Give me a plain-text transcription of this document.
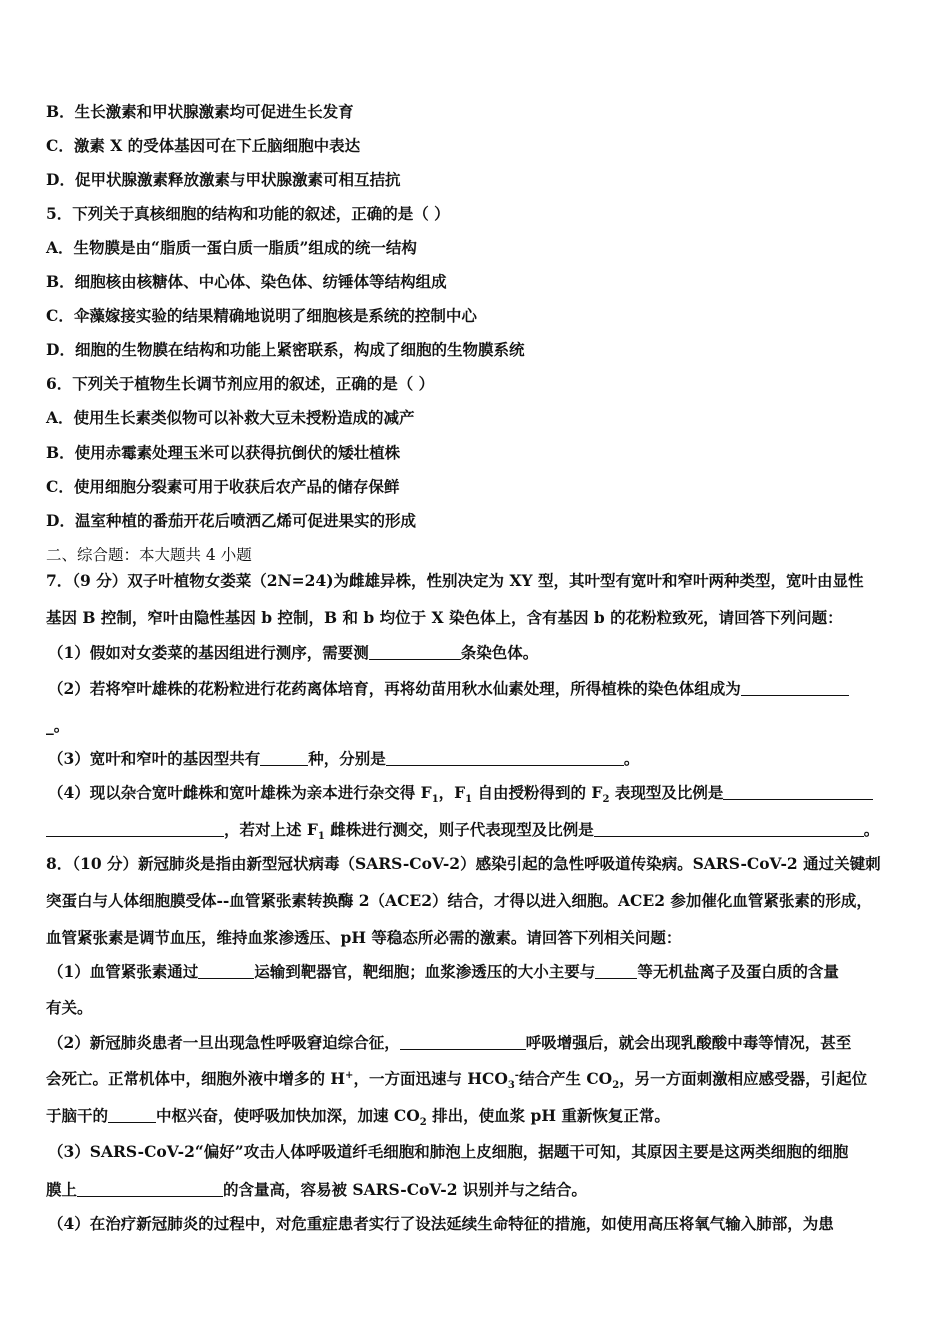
B．生长激素和甲状腺激素均可促进生长发育
C．激素 X 的受体基因可在下丘脑细胞中表达
D．促甲状腺激素释放激素与甲状腺激素可相互拮抗
5．下列关于真核细胞的结构和功能的叙述，正确的是（ ）
A．生物膜是由“脂质一蛋白质一脂质”组成的统一结构
B．细胞核由核糖体、中心体、染色体、纺锤体等结构组成
C．伞藻嫁接实验的结果精确地说明了细胞核是系统的控制中心
D．细胞的生物膜在结构和功能上紧密联系，构成了细胞的生物膜系统
6．下列关于植物生长调节剂应用的叙述，正确的是（ ）
A．使用生长素类似物可以补救大豆未授粉造成的减产
B．使用赤霉素处理玉米可以获得抗倒伏的矮壮植株
C．使用细胞分裂素可用于收获后农产品的储存保鲜
D．温室种植的番茄开花后喷洒乙烯可促进果实的形成
二、综合题：本大题共 4 小题
7．（9 分）双子叶植物女娄菜（2N=24)为雌雄异株，性别决定为 XY 型，其叶型有宽叶和窄叶两种类型，宽叶由显性
基因 B 控制，窄叶由隐性基因 b 控制，B 和 b 均位于 X 染色体上，含有基因 b 的花粉粒致死，请回答下列问题：
（1）假如对女娄菜的基因组进行测序，需要测	条染色体。
（2）若将窄叶雄株的花粉粒进行花药离体培育，再将幼苗用秋水仙素处理，所得植株的染色体组成为
_。
（3）宽叶和窄叶的基因型共有	种，分别是	。
（4）现以杂合宽叶雌株和宽叶雄株为亲本进行杂交得 $F_1$，$F_1$ 自由授粉得到的 $F_2$ 表现型及比例是
，若对上述 $F_1$ 雌株进行测交，则子代表现型及比例是	。
8．（10 分）新冠肺炎是指由新型冠状病毒（SARS-CoV-2）感染引起的急性呼吸道传染病。SARS-CoV-2 通过关键刺
突蛋白与人体细胞膜受体--血管紧张素转换酶 2（ACE2）结合，才得以进入细胞。ACE2 参加催化血管紧张素的形成，
血管紧张素是调节血压，维持血浆渗透压、pH 等稳态所必需的激素。请回答下列相关问题：
（1）血管紧张素通过	运输到靶器官，靶细胞；血浆渗透压的大小主要与	等无机盐离子及蛋白质的含量
有关。
（2）新冠肺炎患者一旦出现急性呼吸窘迫综合征，	呼吸增强后，就会出现乳酸酸中毒等情况，甚至
会死亡。正常机体中，细胞外液中增多的 H+，一方面迅速与 $HCO_3^-$结合产生 $CO_2$，另一方面刺激相应感受器，引起位
于脑干的	中枢兴奋，使呼吸加快加深，加速 $CO_2$ 排出，使血浆 pH 重新恢复正常。
（3）SARS-CoV-2“偏好”攻击人体呼吸道纤毛细胞和肺泡上皮细胞，据题干可知，其原因主要是这两类细胞的细胞
膜上	的含量高，容易被 SARS-CoV-2 识别并与之结合。
（4）在治疗新冠肺炎的过程中，对危重症患者实行了设法延续生命特征的措施，如使用高压将氧气输入肺部，为患
